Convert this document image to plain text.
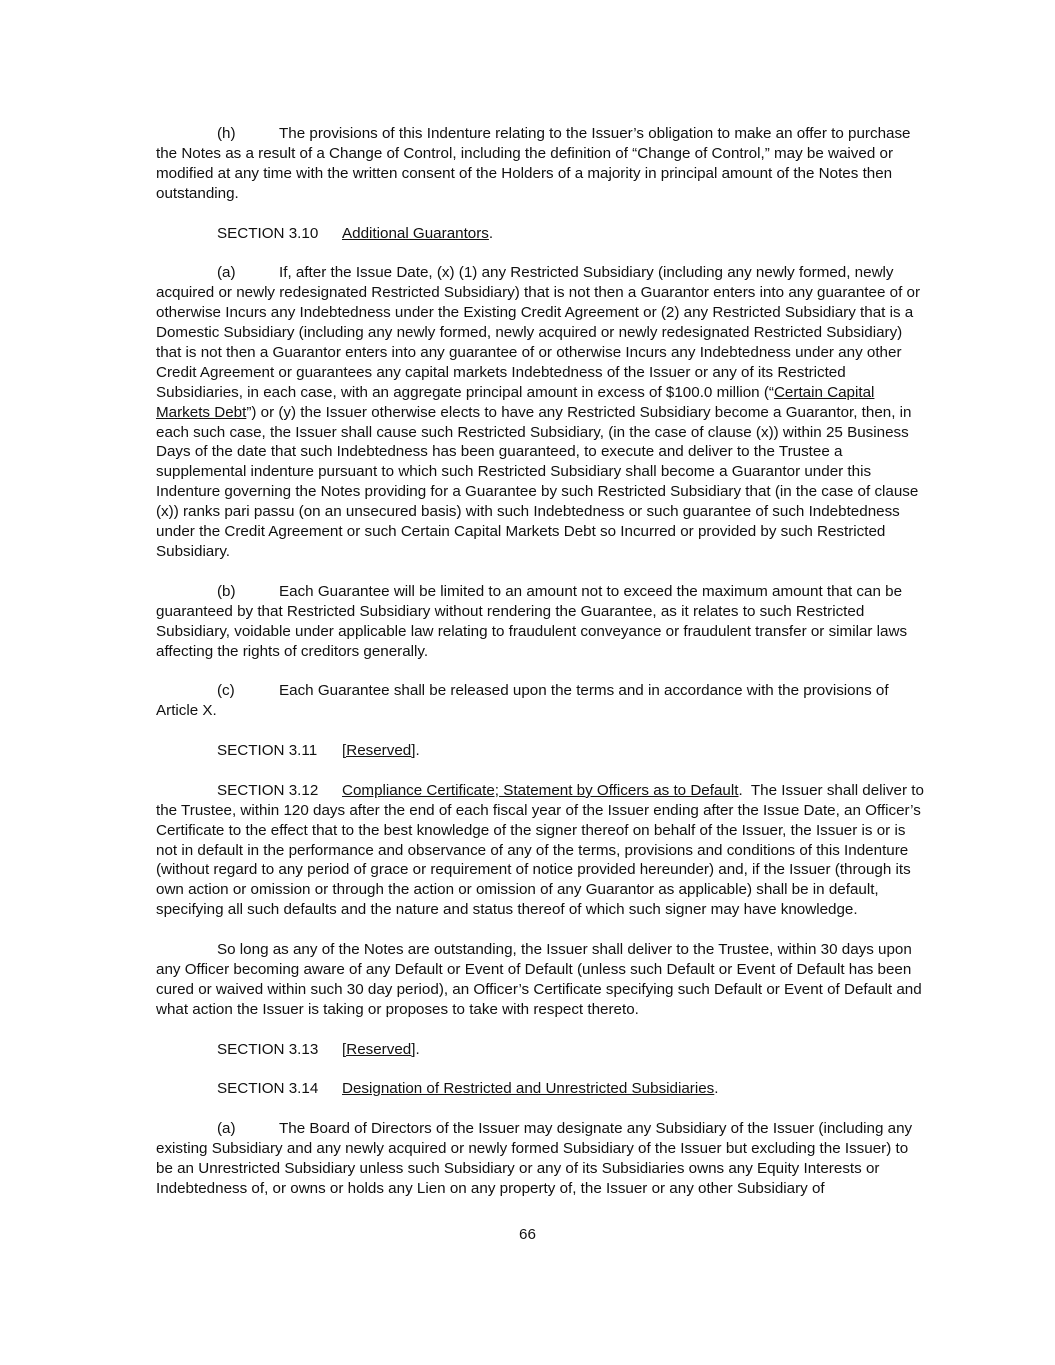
(h)	The provisions of this Indenture relating to the Issuer’s obligation to make an offer to purchase the Notes as a result of a Change of Control, including the definition of “Change of Control,” may be waived or modified at any time with the written consent of the Holders of a majority in principal amount of the Notes then outstanding.

SECTION 3.10 Additional Guarantors.

(a)	If, after the Issue Date, (x) (1) any Restricted Subsidiary (including any newly formed, newly acquired or newly redesignated Restricted Subsidiary) that is not then a Guarantor enters into any guarantee of or otherwise Incurs any Indebtedness under the Existing Credit Agreement or (2) any Restricted Subsidiary that is a Domestic Subsidiary (including any newly formed, newly acquired or newly redesignated Restricted Subsidiary) that is not then a Guarantor enters into any guarantee of or otherwise Incurs any Indebtedness under any other Credit Agreement or guarantees any capital markets Indebtedness of the Issuer or any of its Restricted Subsidiaries, in each case, with an aggregate principal amount in excess of $100.0 million (“Certain Capital Markets Debt”) or (y) the Issuer otherwise elects to have any Restricted Subsidiary become a Guarantor, then, in each such case, the Issuer shall cause such Restricted Subsidiary, (in the case of clause (x)) within 25 Business Days of the date that such Indebtedness has been guaranteed, to execute and deliver to the Trustee a supplemental indenture pursuant to which such Restricted Subsidiary shall become a Guarantor under this Indenture governing the Notes providing for a Guarantee by such Restricted Subsidiary that (in the case of clause (x)) ranks pari passu (on an unsecured basis) with such Indebtedness or such guarantee of such Indebtedness under the Credit Agreement or such Certain Capital Markets Debt so Incurred or provided by such Restricted Subsidiary.

(b)	Each Guarantee will be limited to an amount not to exceed the maximum amount that can be guaranteed by that Restricted Subsidiary without rendering the Guarantee, as it relates to such Restricted Subsidiary, voidable under applicable law relating to fraudulent conveyance or fraudulent transfer or similar laws affecting the rights of creditors generally.

(c)	Each Guarantee shall be released upon the terms and in accordance with the provisions of Article X.

SECTION 3.11 [Reserved].

SECTION 3.12 Compliance Certificate; Statement by Officers as to Default.  The Issuer shall deliver to the Trustee, within 120 days after the end of each fiscal year of the Issuer ending after the Issue Date, an Officer’s Certificate to the effect that to the best knowledge of the signer thereof on behalf of the Issuer, the Issuer is or is not in default in the performance and observance of any of the terms, provisions and conditions of this Indenture (without regard to any period of grace or requirement of notice provided hereunder) and, if the Issuer (through its own action or omission or through the action or omission of any Guarantor as applicable) shall be in default, specifying all such defaults and the nature and status thereof of which such signer may have knowledge.

So long as any of the Notes are outstanding, the Issuer shall deliver to the Trustee, within 30 days upon any Officer becoming aware of any Default or Event of Default (unless such Default or Event of Default has been cured or waived within such 30 day period), an Officer’s Certificate specifying such Default or Event of Default and what action the Issuer is taking or proposes to take with respect thereto.

SECTION 3.13 [Reserved].

SECTION 3.14 Designation of Restricted and Unrestricted Subsidiaries.

(a)	The Board of Directors of the Issuer may designate any Subsidiary of the Issuer (including any existing Subsidiary and any newly acquired or newly formed Subsidiary of the Issuer but excluding the Issuer) to be an Unrestricted Subsidiary unless such Subsidiary or any of its Subsidiaries owns any Equity Interests or Indebtedness of, or owns or holds any Lien on any property of, the Issuer or any other Subsidiary of

66
